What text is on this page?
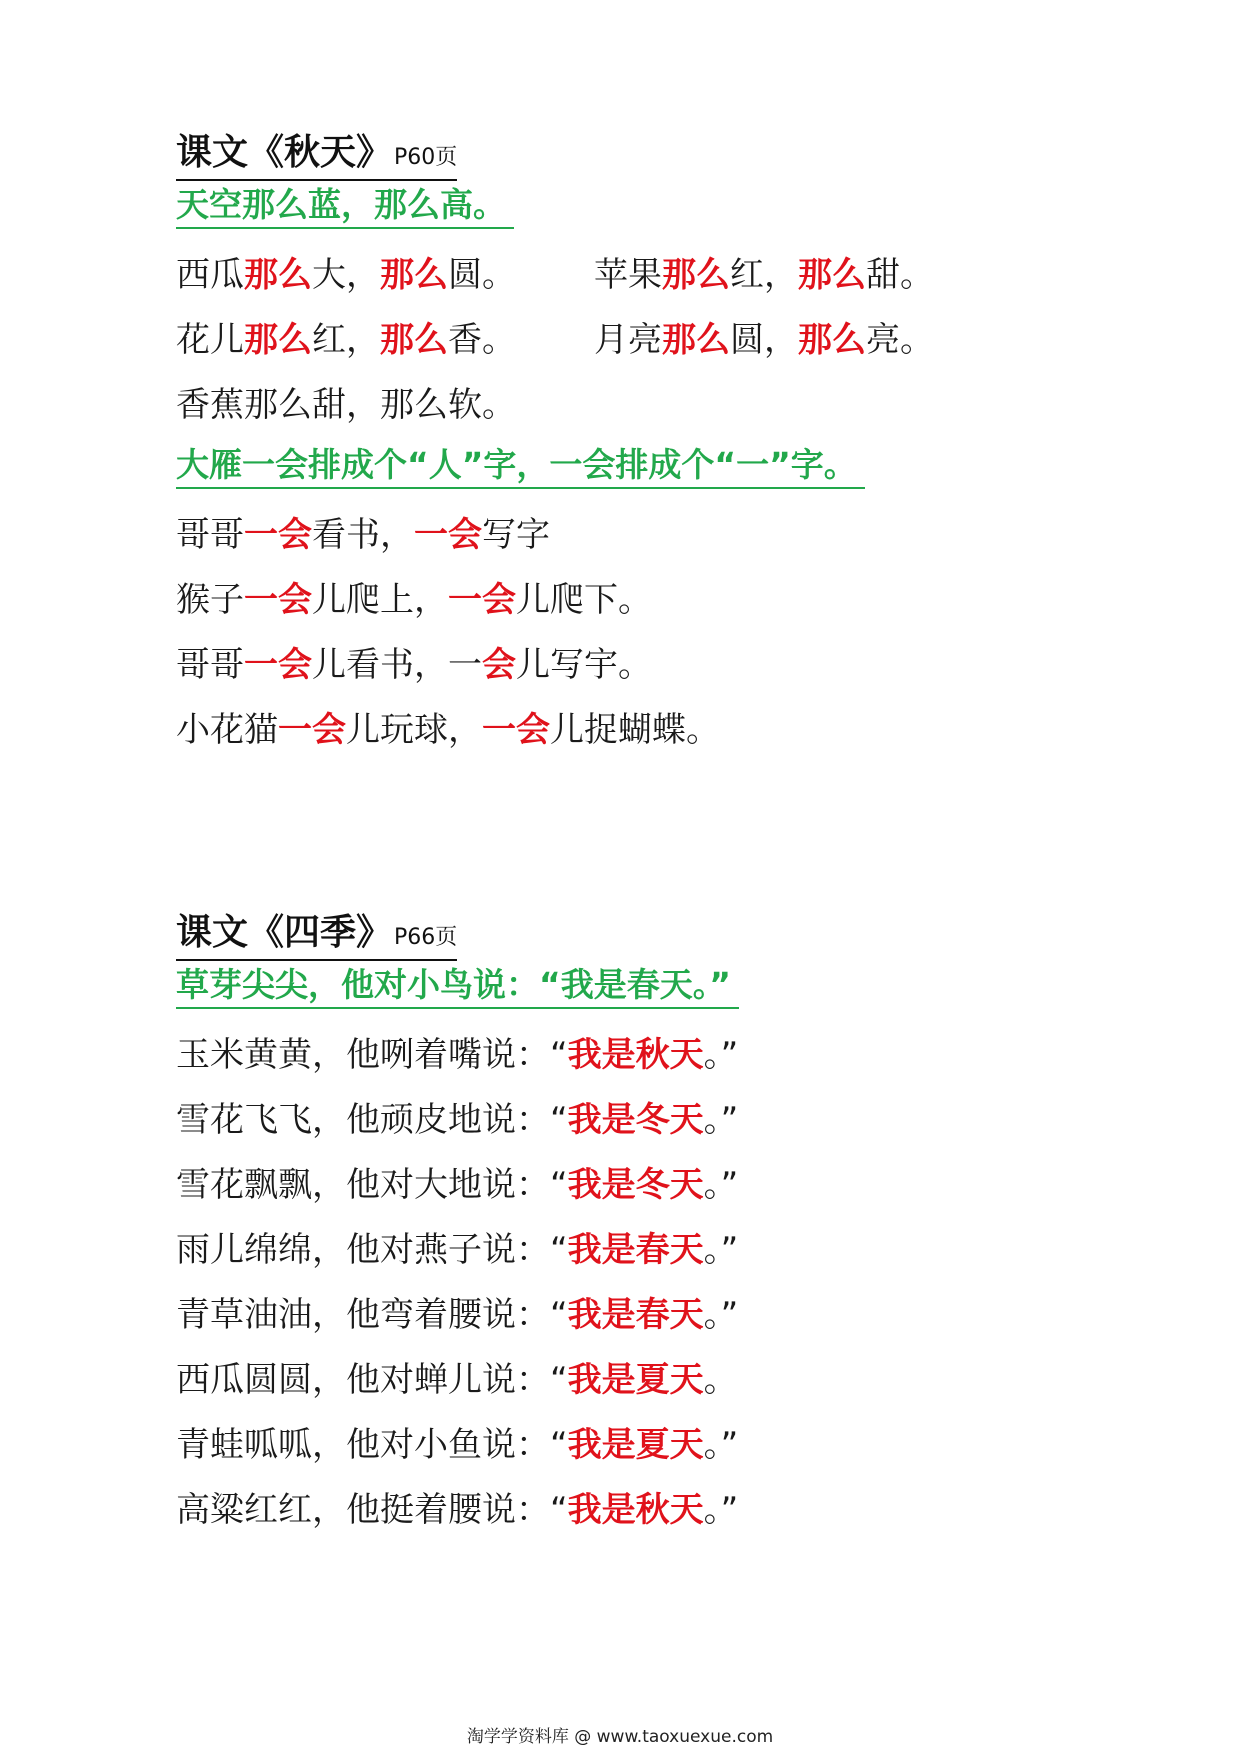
课文《秋天》P60页
天空那么蓝，那么高。
西瓜那么大，那么圆。 苹果那么红，那么甜。
花儿那么红，那么香。 月亮那么圆，那么亮。
香蕉那么甜，那么软。
大雁一会排成个“人”字，一会排成个“一”字。
哥哥一会看书，一会写字
猴子一会儿爬上，一会儿爬下。
哥哥一会儿看书，一会儿写宇。
小花猫一会儿玩球，一会儿捉蝴蝶。
课文《四季》P66页
草芽尖尖，他对小鸟说：“我是春天。”
玉米黄黄，他咧着嘴说：“我是秋天。”
雪花飞飞，他顽皮地说：“我是冬天。”
雪花飘飘，他对大地说：“我是冬天。”
雨儿绵绵，他对燕子说：“我是春天。”
青草油油，他弯着腰说：“我是春天。”
西瓜圆圆，他对蝉儿说：“我是夏天。
青蛙呱呱，他对小鱼说：“我是夏天。”
高粱红红，他挺着腰说：“我是秋天。”
淘学学资料库 @ www.taoxuexue.com
